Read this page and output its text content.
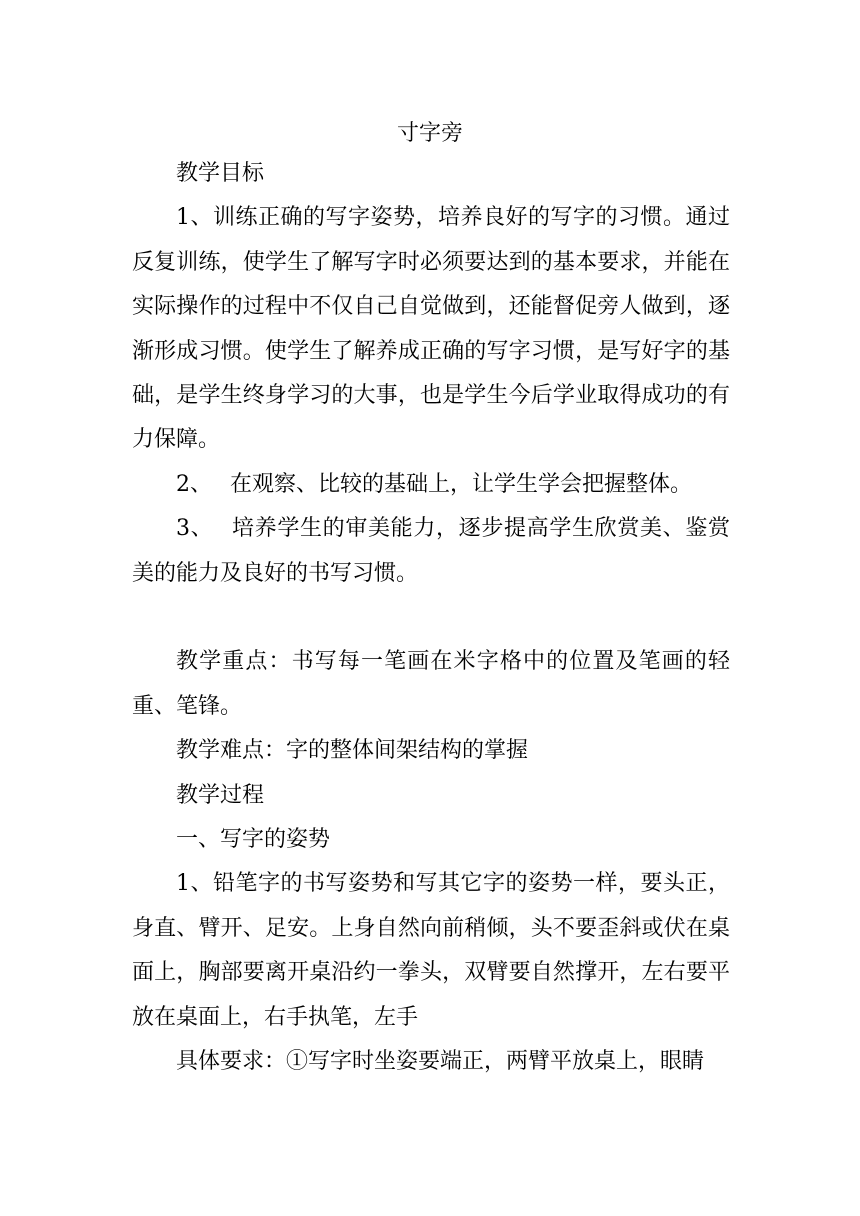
寸字旁

教学目标

1、训练正确的写字姿势，培养良好的写字的习惯。通过反复训练，使学生了解写字时必须要达到的基本要求，并能在实际操作的过程中不仅自己自觉做到，还能督促旁人做到，逐渐形成习惯。使学生了解养成正确的写字习惯，是写好字的基础，是学生终身学习的大事，也是学生今后学业取得成功的有力保障。

2、 在观察、比较的基础上，让学生学会把握整体。

3、 培养学生的审美能力，逐步提高学生欣赏美、鉴赏美的能力及良好的书写习惯。

教学重点：书写每一笔画在米字格中的位置及笔画的轻重、笔锋。

教学难点：字的整体间架结构的掌握

教学过程

一、写字的姿势

1、铅笔字的书写姿势和写其它字的姿势一样，要头正，身直、臂开、足安。上身自然向前稍倾，头不要歪斜或伏在桌面上，胸部要离开桌沿约一拳头，双臂要自然撑开，左右要平放在桌面上，右手执笔，左手

具体要求：①写字时坐姿要端正，两臂平放桌上，眼睛
